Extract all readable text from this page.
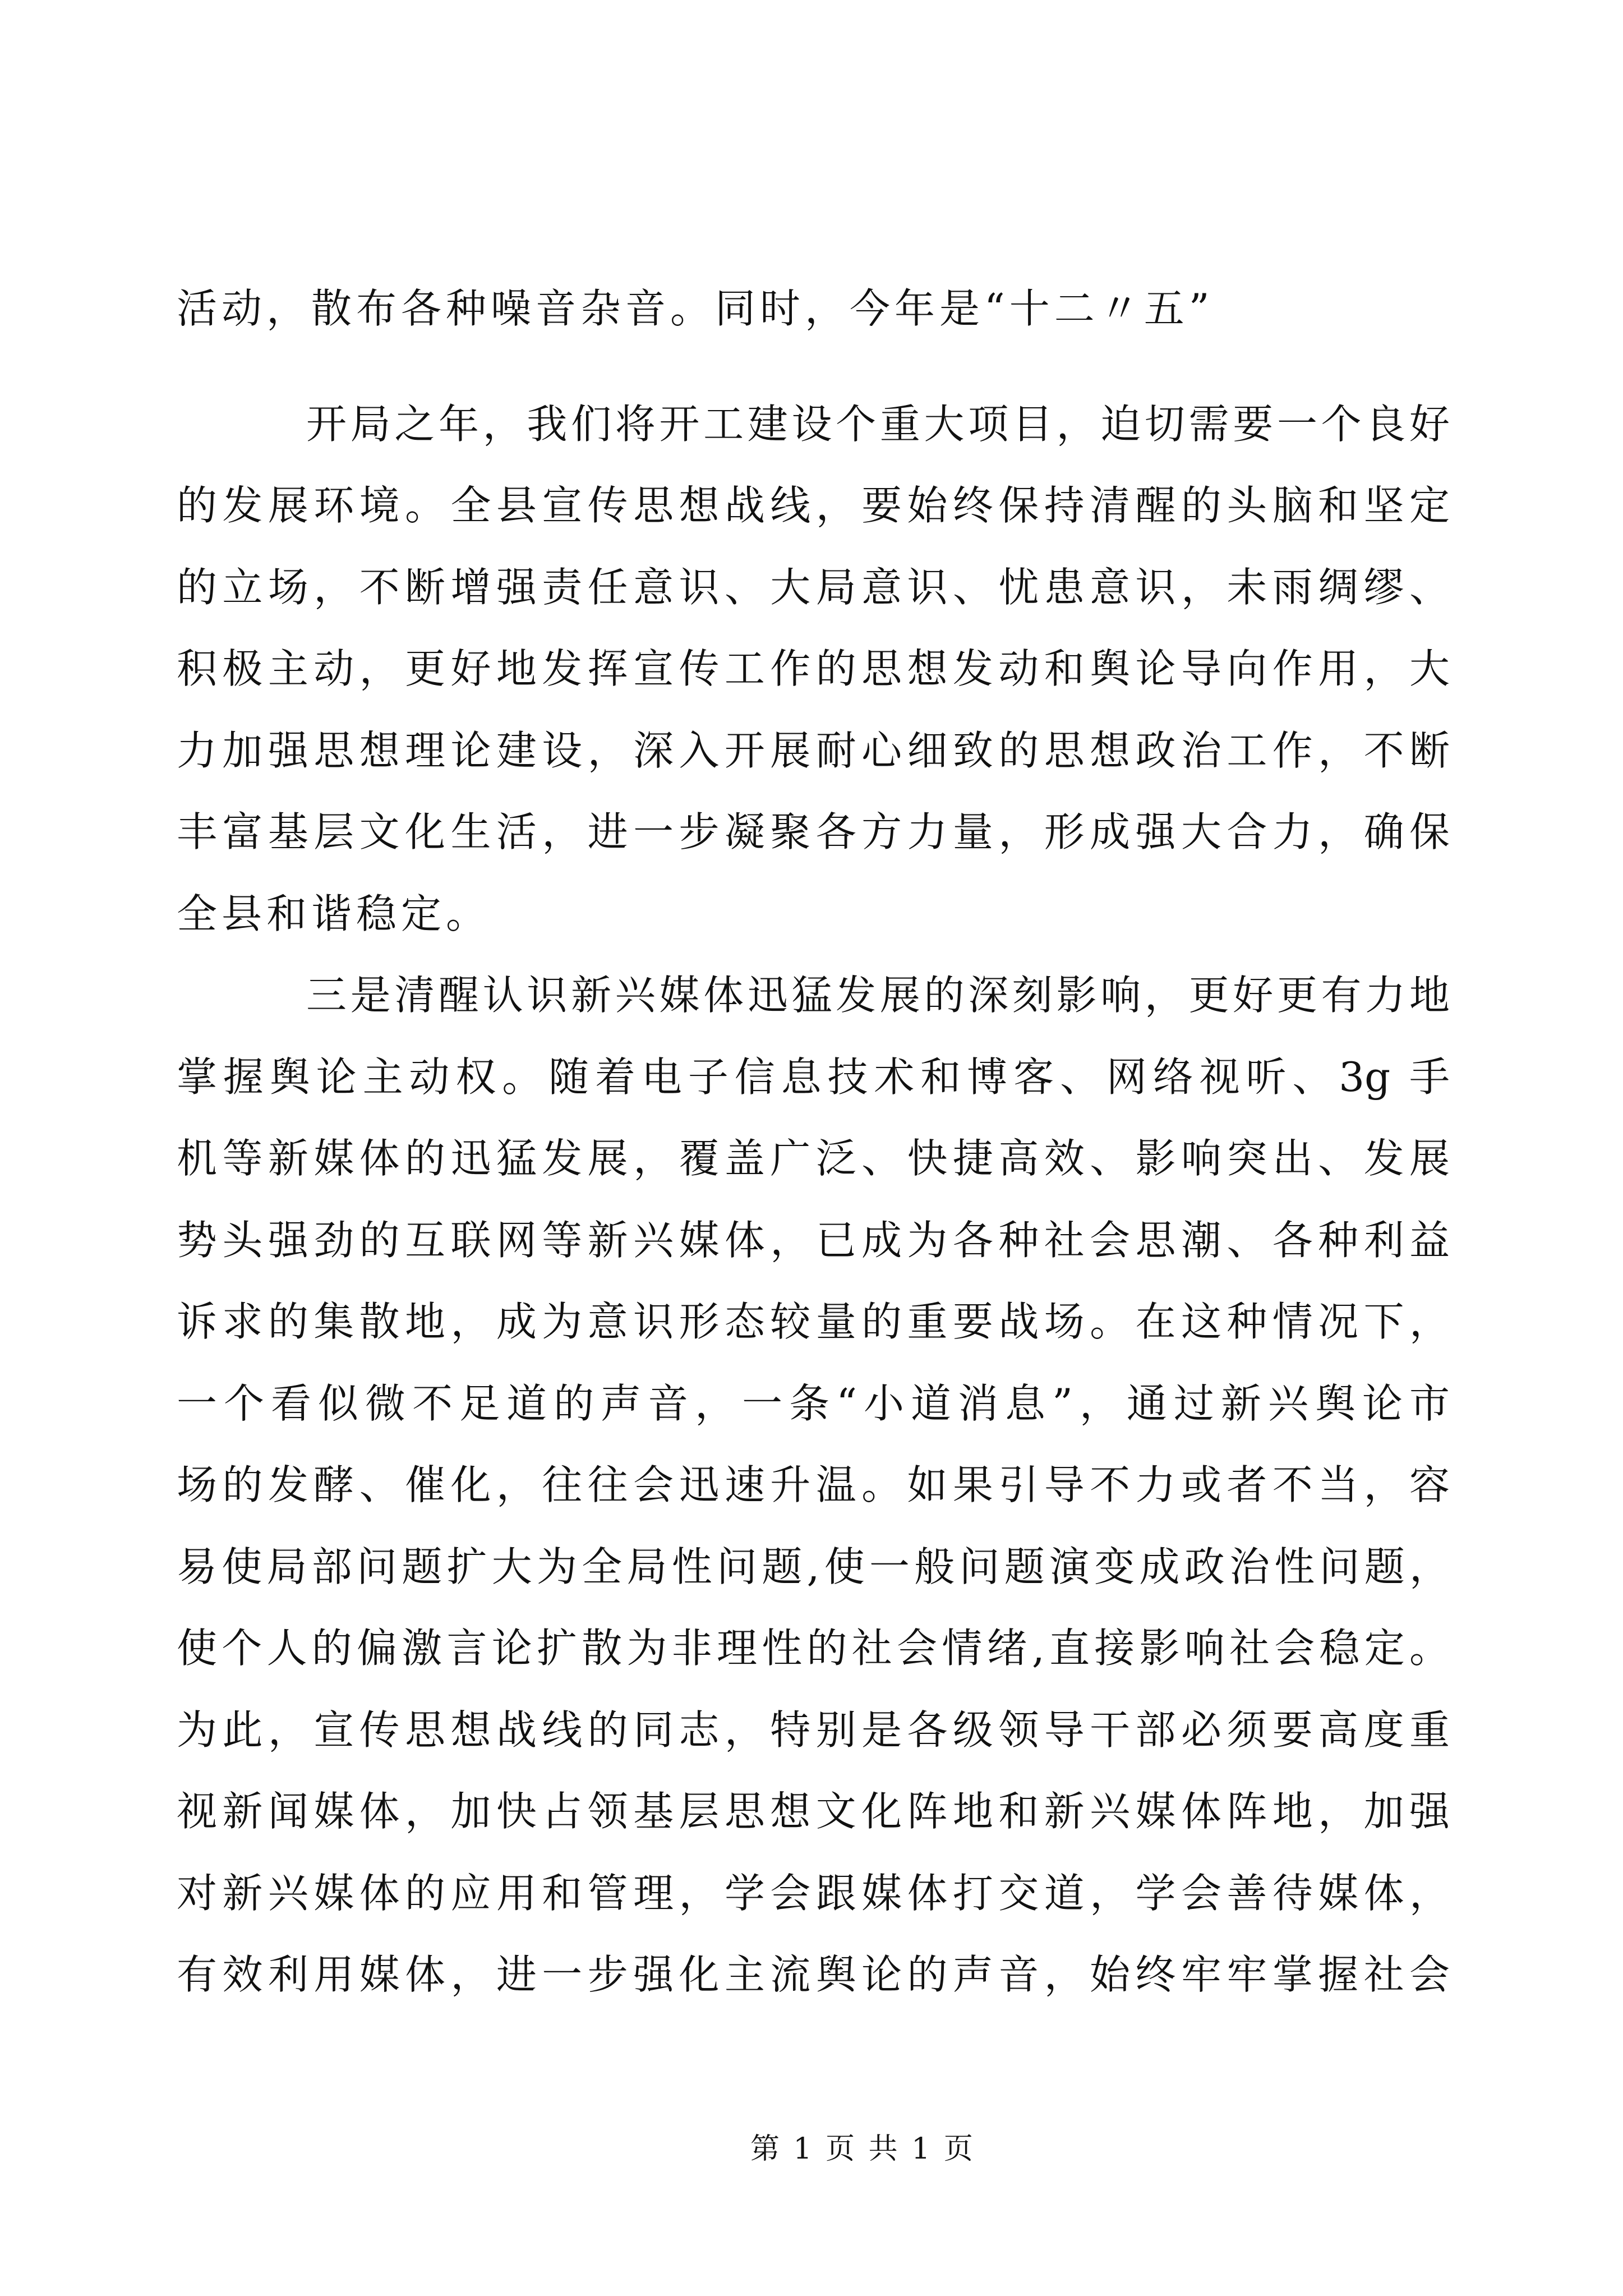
活动，散布各种噪音杂音。同时，今年是“十二〃五”
开局之年，我们将开工建设个重大项目，迫切需要一个良好
的发展环境。全县宣传思想战线，要始终保持清醒的头脑和坚定
的立场，不断增强责任意识、大局意识、忧患意识，未雨绸缪、
积极主动，更好地发挥宣传工作的思想发动和舆论导向作用，大
力加强思想理论建设，深入开展耐心细致的思想政治工作，不断
丰富基层文化生活，进一步凝聚各方力量，形成强大合力，确保
全县和谐稳定。
三是清醒认识新兴媒体迅猛发展的深刻影响，更好更有力地
掌握舆论主动权。随着电子信息技术和博客、网络视听、3g 手
机等新媒体的迅猛发展，覆盖广泛、快捷高效、影响突出、发展
势头强劲的互联网等新兴媒体，已成为各种社会思潮、各种利益
诉求的集散地，成为意识形态较量的重要战场。在这种情况下，
一个看似微不足道的声音，一条“小道消息”，通过新兴舆论市
场的发酵、催化，往往会迅速升温。如果引导不力或者不当，容
易使局部问题扩大为全局性问题,使一般问题演变成政治性问题，
使个人的偏激言论扩散为非理性的社会情绪,直接影响社会稳定。
为此，宣传思想战线的同志，特别是各级领导干部必须要高度重
视新闻媒体，加快占领基层思想文化阵地和新兴媒体阵地，加强
对新兴媒体的应用和管理，学会跟媒体打交道，学会善待媒体，
有效利用媒体，进一步强化主流舆论的声音，始终牢牢掌握社会
第 1 页 共 1 页
